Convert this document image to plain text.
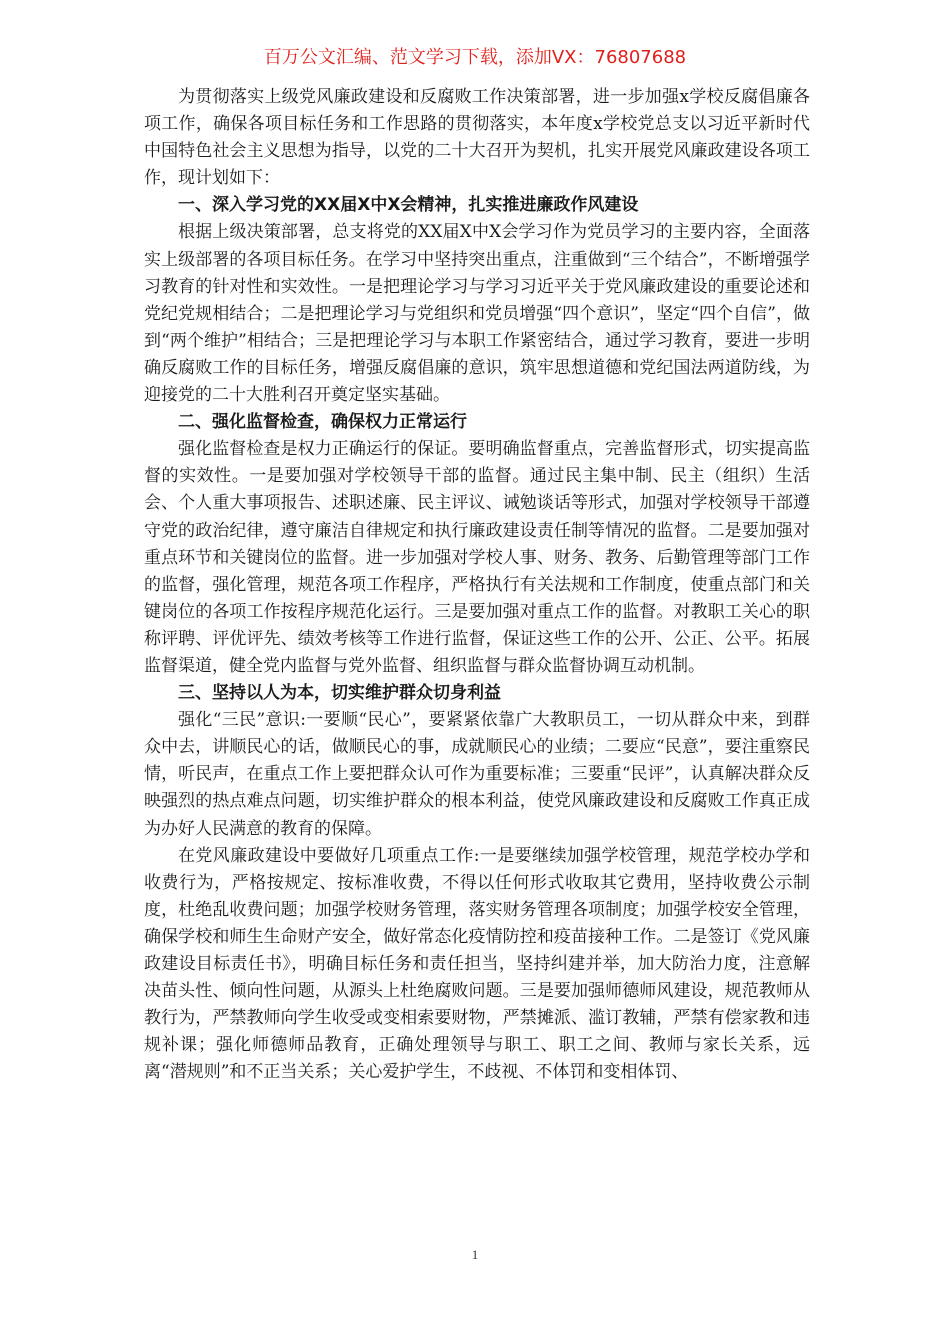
百万公文汇编、范文学习下载，添加VX：76807688

为贯彻落实上级党风廉政建设和反腐败工作决策部署，进一步加强x学校反腐倡廉各项工作，确保各项目标任务和工作思路的贯彻落实，本年度x学校党总支以习近平新时代中国特色社会主义思想为指导，以党的二十大召开为契机，扎实开展党风廉政建设各项工作，现计划如下：

一、深入学习党的XX届X中X会精神，扎实推进廉政作风建设

根据上级决策部署，总支将党的XX届X中X会学习作为党员学习的主要内容，全面落实上级部署的各项目标任务。在学习中坚持突出重点，注重做到“三个结合”，不断增强学习教育的针对性和实效性。一是把理论学习与学习习近平关于党风廉政建设的重要论述和党纪党规相结合；二是把理论学习与党组织和党员增强“四个意识”，坚定“四个自信”，做到“两个维护”相结合；三是把理论学习与本职工作紧密结合，通过学习教育，要进一步明确反腐败工作的目标任务，增强反腐倡廉的意识，筑牢思想道德和党纪国法两道防线，为迎接党的二十大胜利召开奠定坚实基础。

二、强化监督检查，确保权力正常运行

强化监督检查是权力正确运行的保证。要明确监督重点，完善监督形式，切实提高监督的实效性。一是要加强对学校领导干部的监督。通过民主集中制、民主（组织）生活会、个人重大事项报告、述职述廉、民主评议、诫勉谈话等形式，加强对学校领导干部遵守党的政治纪律，遵守廉洁自律规定和执行廉政建设责任制等情况的监督。二是要加强对重点环节和关键岗位的监督。进一步加强对学校人事、财务、教务、后勤管理等部门工作的监督，强化管理，规范各项工作程序，严格执行有关法规和工作制度，使重点部门和关键岗位的各项工作按程序规范化运行。三是要加强对重点工作的监督。对教职工关心的职称评聘、评优评先、绩效考核等工作进行监督，保证这些工作的公开、公正、公平。拓展监督渠道，健全党内监督与党外监督、组织监督与群众监督协调互动机制。

三、坚持以人为本，切实维护群众切身利益

强化“三民”意识:一要顺“民心”，要紧紧依靠广大教职员工，一切从群众中来，到群众中去，讲顺民心的话，做顺民心的事，成就顺民心的业绩；二要应“民意”，要注重察民情，听民声，在重点工作上要把群众认可作为重要标准；三要重“民评”，认真解决群众反映强烈的热点难点问题，切实维护群众的根本利益，使党风廉政建设和反腐败工作真正成为办好人民满意的教育的保障。

在党风廉政建设中要做好几项重点工作:一是要继续加强学校管理，规范学校办学和收费行为，严格按规定、按标准收费，不得以任何形式收取其它费用，坚持收费公示制度，杜绝乱收费问题；加强学校财务管理，落实财务管理各项制度；加强学校安全管理，确保学校和师生生命财产安全，做好常态化疫情防控和疫苗接种工作。二是签订《党风廉政建设目标责任书》，明确目标任务和责任担当，坚持纠建并举，加大防治力度，注意解决苗头性、倾向性问题，从源头上杜绝腐败问题。三是要加强师德师风建设，规范教师从教行为，严禁教师向学生收受或变相索要财物，严禁摊派、滥订教辅，严禁有偿家教和违规补课；强化师德师品教育，正确处理领导与职工、职工之间、教师与家长关系，远离“潜规则”和不正当关系；关心爱护学生，不歧视、不体罚和变相体罚、

1
